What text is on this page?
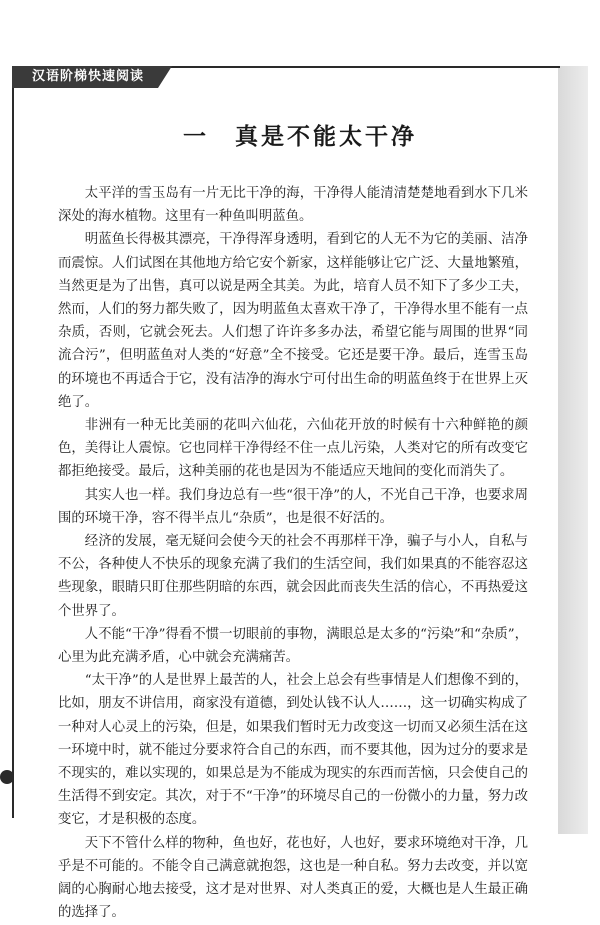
汉语阶梯快速阅读
一　真是不能太干净

太平洋的雪玉岛有一片无比干净的海，干净得人能清清楚楚地看到水下几米深处的海水植物。这里有一种鱼叫明蓝鱼。

明蓝鱼长得极其漂亮，干净得浑身透明，看到它的人无不为它的美丽、洁净而震惊。人们试图在其他地方给它安个新家，这样能够让它广泛、大量地繁殖，当然更是为了出售，真可以说是两全其美。为此，培育人员不知下了多少工夫，然而，人们的努力都失败了，因为明蓝鱼太喜欢干净了，干净得水里不能有一点杂质，否则，它就会死去。人们想了许许多多办法，希望它能与周围的世界“同流合污”，但明蓝鱼对人类的“好意”全不接受。它还是要干净。最后，连雪玉岛的环境也不再适合于它，没有洁净的海水宁可付出生命的明蓝鱼终于在世界上灭绝了。

非洲有一种无比美丽的花叫六仙花，六仙花开放的时候有十六种鲜艳的颜色，美得让人震惊。它也同样干净得经不住一点儿污染，人类对它的所有改变它都拒绝接受。最后，这种美丽的花也是因为不能适应天地间的变化而消失了。

其实人也一样。我们身边总有一些“很干净”的人，不光自己干净，也要求周围的环境干净，容不得半点儿“杂质”，也是很不好活的。

经济的发展，毫无疑问会使今天的社会不再那样干净，骗子与小人，自私与不公，各种使人不快乐的现象充满了我们的生活空间，我们如果真的不能容忍这些现象，眼睛只盯住那些阴暗的东西，就会因此而丧失生活的信心，不再热爱这个世界了。

人不能“干净”得看不惯一切眼前的事物，满眼总是太多的“污染”和“杂质”，心里为此充满矛盾，心中就会充满痛苦。

“太干净”的人是世界上最苦的人，社会上总会有些事情是人们想像不到的，比如，朋友不讲信用，商家没有道德，到处认钱不认人……，这一切确实构成了一种对人心灵上的污染，但是，如果我们暂时无力改变这一切而又必须生活在这一环境中时，就不能过分要求符合自己的东西，而不要其他，因为过分的要求是不现实的，难以实现的，如果总是为不能成为现实的东西而苦恼，只会使自己的生活得不到安定。其次，对于不“干净”的环境尽自己的一份微小的力量，努力改变它，才是积极的态度。

天下不管什么样的物种，鱼也好，花也好，人也好，要求环境绝对干净，几乎是不可能的。不能令自己满意就抱怨，这也是一种自私。努力去改变，并以宽阔的心胸耐心地去接受，这才是对世界、对人类真正的爱，大概也是人生最正确的选择了。
